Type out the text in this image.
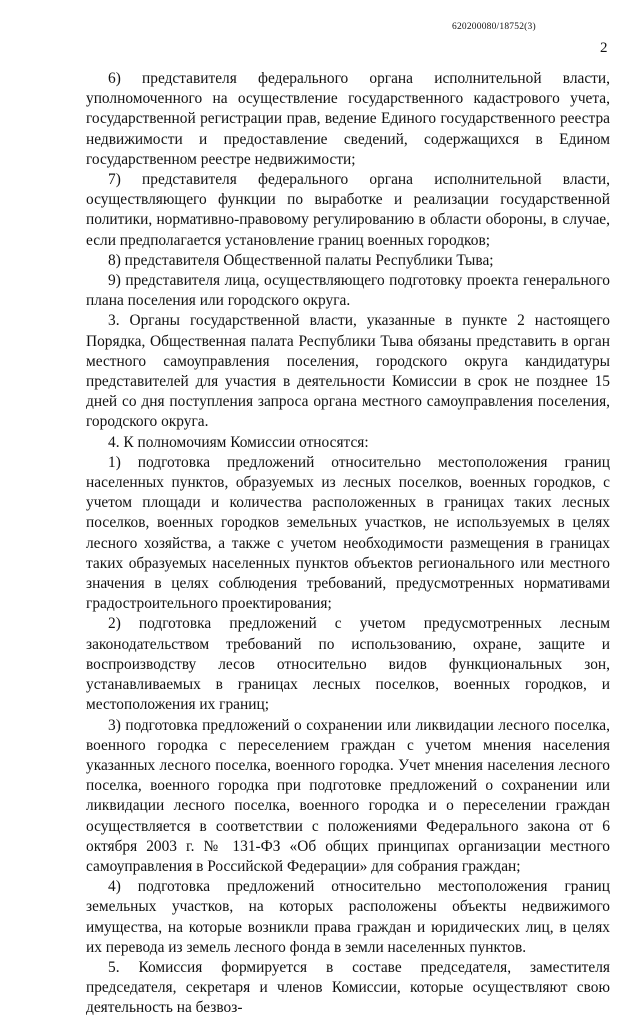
620200080/18752(3)
2

6) представителя федерального органа исполнительной власти, уполномоченного на осуществление государственного кадастрового учета, государственной регистрации прав, ведение Единого государственного реестра недвижимости и предоставление сведений, содержащихся в Едином государственном реестре недвижимости;

7) представителя федерального органа исполнительной власти, осуществляющего функции по выработке и реализации государственной политики, нормативно-правовому регулированию в области обороны, в случае, если предполагается установление границ военных городков;

8) представителя Общественной палаты Республики Тыва;

9) представителя лица, осуществляющего подготовку проекта генерального плана поселения или городского округа.

3. Органы государственной власти, указанные в пункте 2 настоящего Порядка, Общественная палата Республики Тыва обязаны представить в орган местного самоуправления поселения, городского округа кандидатуры представителей для участия в деятельности Комиссии в срок не позднее 15 дней со дня поступления запроса органа местного самоуправления поселения, городского округа.

4. К полномочиям Комиссии относятся:

1) подготовка предложений относительно местоположения границ населенных пунктов, образуемых из лесных поселков, военных городков, с учетом площади и количества расположенных в границах таких лесных поселков, военных городков земельных участков, не используемых в целях лесного хозяйства, а также с учетом необходимости размещения в границах таких образуемых населенных пунктов объектов регионального или местного значения в целях соблюдения требований, предусмотренных нормативами градостроительного проектирования;

2) подготовка предложений с учетом предусмотренных лесным законодательством требований по использованию, охране, защите и воспроизводству лесов относительно видов функциональных зон, устанавливаемых в границах лесных поселков, военных городков, и местоположения их границ;

3) подготовка предложений о сохранении или ликвидации лесного поселка, военного городка с переселением граждан с учетом мнения населения указанных лесного поселка, военного городка. Учет мнения населения лесного поселка, военного городка при подготовке предложений о сохранении или ликвидации лесного поселка, военного городка и о переселении граждан осуществляется в соответствии с положениями Федерального закона от 6 октября 2003 г. № 131-ФЗ «Об общих принципах организации местного самоуправления в Российской Федерации» для собрания граждан;

4) подготовка предложений относительно местоположения границ земельных участков, на которых расположены объекты недвижимого имущества, на которые возникли права граждан и юридических лиц, в целях их перевода из земель лесного фонда в земли населенных пунктов.

5. Комиссия формируется в составе председателя, заместителя председателя, секретаря и членов Комиссии, которые осуществляют свою деятельность на безвоз-
